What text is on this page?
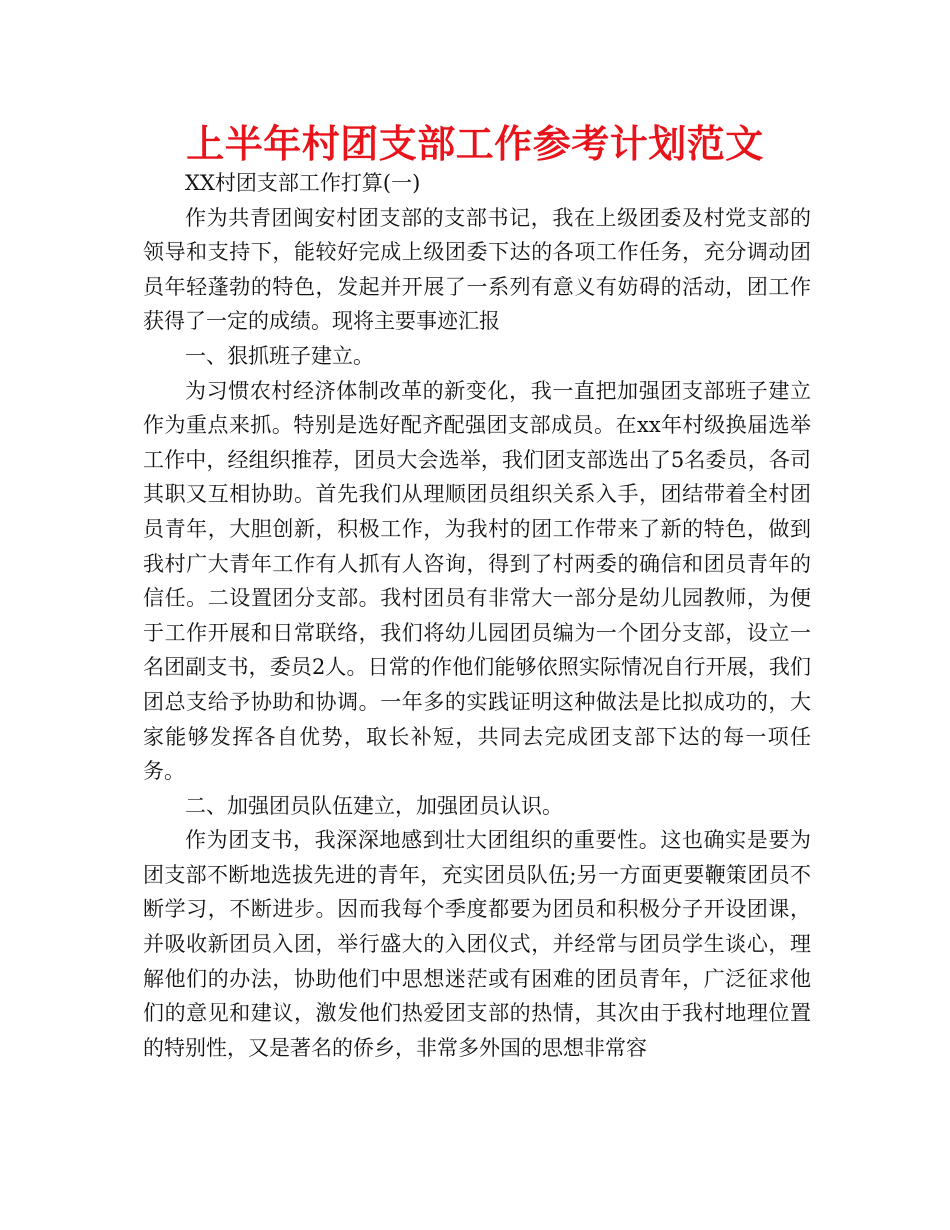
上半年村团支部工作参考计划范文

XX村团支部工作打算(一)

作为共青团闽安村团支部的支部书记，我在上级团委及村党支部的领导和支持下，能较好完成上级团委下达的各项工作任务，充分调动团员年轻蓬勃的特色，发起并开展了一系列有意义有妨碍的活动，团工作获得了一定的成绩。现将主要事迹汇报

一、狠抓班子建立。

为习惯农村经济体制改革的新变化，我一直把加强团支部班子建立作为重点来抓。特别是选好配齐配强团支部成员。在xx年村级换届选举工作中，经组织推荐，团员大会选举，我们团支部选出了5名委员，各司其职又互相协助。首先我们从理顺团员组织关系入手，团结带着全村团员青年，大胆创新，积极工作，为我村的团工作带来了新的特色，做到我村广大青年工作有人抓有人咨询，得到了村两委的确信和团员青年的信任。二设置团分支部。我村团员有非常大一部分是幼儿园教师，为便于工作开展和日常联络，我们将幼儿园团员编为一个团分支部，设立一名团副支书，委员2人。日常的作他们能够依照实际情况自行开展，我们团总支给予协助和协调。一年多的实践证明这种做法是比拟成功的，大家能够发挥各自优势，取长补短，共同去完成团支部下达的每一项任务。

二、加强团员队伍建立，加强团员认识。

作为团支书，我深深地感到壮大团组织的重要性。这也确实是要为团支部不断地选拔先进的青年，充实团员队伍;另一方面更要鞭策团员不断学习，不断进步。因而我每个季度都要为团员和积极分子开设团课，并吸收新团员入团，举行盛大的入团仪式，并经常与团员学生谈心，理解他们的办法，协助他们中思想迷茫或有困难的团员青年，广泛征求他们的意见和建议，激发他们热爱团支部的热情，其次由于我村地理位置的特别性，又是著名的侨乡，非常多外国的思想非常容
